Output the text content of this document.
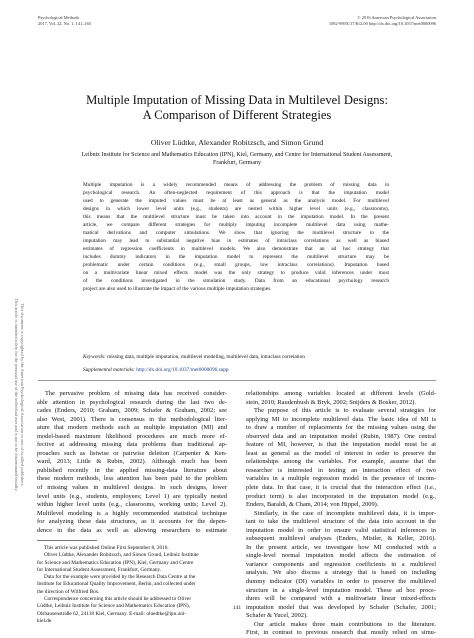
Psychological Methods
2017, Vol. 22, No. 1, 141–165
© 2016 American Psychological Association
1082-989X/17/$12.00 http://dx.doi.org/10.1037/met0000096
This document is copyrighted by the American Psychological Association or one of its allied publishers.
This article is intended solely for the personal use of the individual user and is not to be disseminated broadly.
Multiple Imputation of Missing Data in Multilevel Designs:
A Comparison of Different Strategies
Oliver Lüdtke, Alexander Robitzsch, and Simon Grund
Leibniz Institute for Science and Mathematics Education (IPN), Kiel, Germany, and Centre for International Student Assessment,
Frankfurt, Germany
Multiple imputation is a widely recommended means of addressing the problem of missing data in
psychological research. An often-neglected requirement of this approach is that the imputation model
used to generate the imputed values must be at least as general as the analysis model. For multilevel
designs in which lower level units (e.g., students) are nested within higher level units (e.g., classrooms),
this means that the multilevel structure must be taken into account in the imputation model. In the present
article, we compare different strategies for multiply imputing incomplete multilevel data using mathe-
matical derivations and computer simulations. We show that ignoring the multilevel structure in the
imputation may lead to substantial negative bias in estimates of intraclass correlations as well as biased
estimates of regression coefficients in multilevel models. We also demonstrate that an ad hoc strategy that
includes dummy indicators in the imputation model to represent the multilevel structure may be
problematic under certain conditions (e.g., small groups, low intraclass correlations). Imputation based
on a multivariate linear mixed effects model was the only strategy to produce valid inferences under most
of the conditions investigated in the simulation study. Data from an educational psychology research
project are also used to illustrate the impact of the various multiple imputation strategies.
Keywords: missing data, multiple imputation, multilevel modeling, multilevel data, intraclass correlation
Supplemental materials: http://dx.doi.org/10.1037/met0000096.supp
The pervasive problem of missing data has received consider-
able attention in psychological research during the last two de-
cades (Enders, 2010; Graham, 2009; Schafer & Graham, 2002; see
also West, 2001). There is consensus in the methodological liter-
ature that modern methods such as multiple imputation (MI) and
model-based maximum likelihood procedures are much more ef-
fective at addressing missing data problems than traditional ap-
proaches such as listwise or pairwise deletion (Carpenter & Ken-
ward, 2013; Little & Rubin, 2002). Although much has been
published recently in the applied missing-data literature about
these modern methods, less attention has been paid to the problem
of missing values in multilevel designs. In such designs, lower
level units (e.g., students, employees; Level 1) are typically nested
within higher level units (e.g., classrooms, working units; Level 2).
Multilevel modeling is a highly recommended statistical technique
for analyzing these data structures, as it accounts for the depen-
dence in the data as well as allowing researchers to estimate
This article was published Online First September 8, 2016.
Oliver Lüdtke, Alexander Robitzsch, and Simon Grund, Leibniz Institute
for Science and Mathematics Education (IPN), Kiel, Germany and Centre
for International Student Assessment, Frankfurt, Germany.
Data for the example were provided by the Research Data Centre at the
Institute for Educational Quality Improvement, Berlin, and collected under
the direction of Wilfried Bos.
Correspondence concerning this article should be addressed to Oliver
Lüdtke, Leibniz Institute for Science and Mathematics Education (IPN),
Olshausenstraße 62, 24118 Kiel, Germany. E-mail: oluedtke@ipn.uni-
kiel.de
relationships among variables located at different levels (Gold-
stein, 2010; Raudenbush & Bryk, 2002; Snijders & Bosker, 2012).
The purpose of this article is to evaluate several strategies for
applying MI to incomplete multilevel data. The basic idea of MI is
to draw a number of replacements for the missing values using the
observed data and an imputation model (Rubin, 1987). One central
feature of MI, however, is that the imputation model must be at
least as general as the model of interest in order to preserve the
relationships among the variables. For example, assume that the
researcher is interested in testing an interaction effect of two
variables in a multiple regression model in the presence of incom-
plete data. In that case, it is crucial that the interaction effect (i.e.,
product term) is also incorporated in the imputation model (e.g.,
Enders, Baraldi, & Cham, 2014; von Hippel, 2009).
Similarly, in the case of incomplete multilevel data, it is impor-
tant to take the multilevel structure of the data into account in the
imputation model in order to ensure valid statistical inferences in
subsequent multilevel analyses (Enders, Mistler, & Keller, 2016).
In the present article, we investigate how MI conducted with a
single-level normal imputation model affects the estimation of
variance components and regression coefficients in a multilevel
analysis. We also discuss a strategy that is based on including
dummy indicator (DI) variables in order to preserve the multilevel
structure in a single-level imputation model. These ad hoc proce-
dures will be compared with a multivariate linear mixed-effects
imputation model that was developed by Schafer (Schafer, 2001;
Schafer & Yucel, 2002).
Our article makes three main contributions to the literature.
First, in contrast to previous research that mostly relied on simu-
141
